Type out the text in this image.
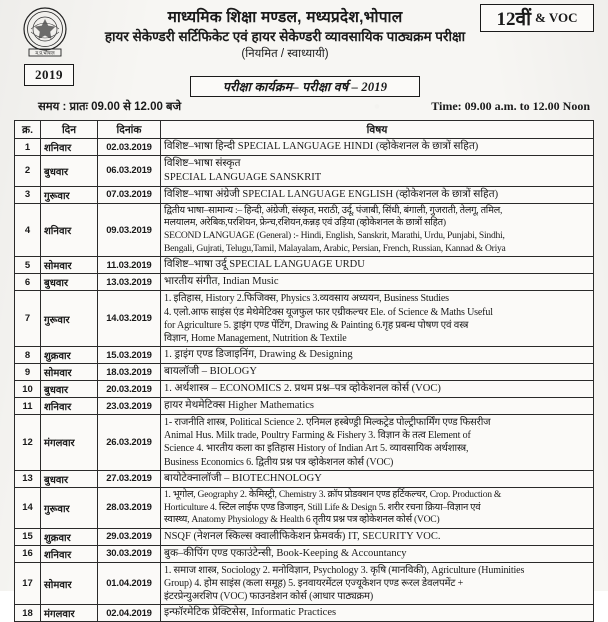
म.प्र.भोपाल
2019
12वीं & VOC
माध्यमिक शिक्षा मण्डल, मध्यप्रदेश,भोपाल
हायर सेकेण्डरी सर्टिफिकेट एवं हायर सेकेण्डरी व्यावसायिक पाठ्यक्रम परीक्षा
(नियमित / स्वाध्यायी)
परीक्षा कार्यक्रम– परीक्षा वर्ष – 2019
समय : प्रातः 09.00 से 12.00 बजे	Time: 09.00 a.m. to 12.00 Noon
क्र.	दिन	दिनांक	विषय
1	शनिवार	02.03.2019	विशिष्ट–भाषा हिन्दी SPECIAL LANGUAGE HINDI (व्होकेशनल के छात्रों सहित)

2	बुधवार	06.03.2019	विशिष्ट–भाषा संस्कृत
SPECIAL LANGUAGE SANSKRIT

3	गुरूवार	07.03.2019	विशिष्ट–भाषा अंग्रेजी SPECIAL LANGUAGE ENGLISH (व्होकेशनल के छात्रों सहित)

4	शनिवार	09.03.2019	द्वितीय भाषा–सामान्य :– हिन्दी, अंग्रेजी, संस्कृत, मराठी, उर्दू, पंजाबी, सिंधी, बंगाली, गुजराती, तेलगू, तमिल,
मलयालम, अरेबिक,परशियन, फ्रेन्च,रशियन,कन्नड़ एवं उड़िया (व्होकेशनल के छात्रों सहित)
SECOND LANGUAGE (General) :- Hindi, English, Sanskrit, Marathi, Urdu, Punjabi, Sindhi,
Bengali, Gujrati, Telugu,Tamil, Malayalam, Arabic, Persian, French, Russian, Kannad & Oriya

5	सोमवार	11.03.2019	विशिष्ट–भाषा उर्दू SPECIAL LANGUAGE URDU

6	बुधवार	13.03.2019	भारतीय संगीत, Indian Music

7	गुरूवार	14.03.2019	1. इतिहास, History 2.फिजिक्स, Physics 3.व्यवसाय अध्ययन, Business Studies
4. एलो.आफ साइंस एंड मेथेमेटिक्स यूजफुल फार एग्रीकल्चर Ele. of Science & Maths Useful
for Agriculture 5. ड्राइंग एण्ड पेंटिंग, Drawing & Painting 6.गृह प्रबन्ध पोषण एवं वस्त्र
विज्ञान, Home Management, Nutrition & Textile

8	शुक्रवार	15.03.2019	1. ड्राइंग एण्ड डिजाइनिंग, Drawing & Designing

9	सोमवार	18.03.2019	बायलॉजी – BIOLOGY

10	बुधवार	20.03.2019	1. अर्थशास्त्र – ECONOMICS 2. प्रथम प्रश्न–पत्र व्होकेशनल कोर्स (VOC)

11	शनिवार	23.03.2019	हायर मेथमेटिक्स Higher Mathematics

12	मंगलवार	26.03.2019	1- राजनीति शास्त्र, Political Science 2. एनिमल हस्बेण्ड्री मिल्कट्रेड पोल्ट्रीफार्मिंग एण्ड फिसरीज
Animal Hus. Milk trade, Poultry Farming & Fishery 3. विज्ञान के तत्व Element of
Science 4. भारतीय कला का इतिहास History of Indian Art 5. व्यावसायिक अर्थशास्त्र,
Business Economics 6. द्वितीय प्रश्न पत्र व्होकेशनल कोर्स (VOC)

13	बुधवार	27.03.2019	बायोटेक्नालॉजी – BIOTECHNOLOGY

14	गुरूवार	28.03.2019	1. भूगोल, Geography 2. केमिस्ट्री, Chemistry 3. क्रॉप प्रोडक्शन एण्ड हर्टिकल्चर, Crop. Production &
Horticulture 4. स्टिल लाईफ एण्ड डिजाइन, Still Life & Design 5. शरीर रचना क्रिया–विज्ञान एवं
स्वास्थ्य, Anatomy Physiology & Health 6 तृतीय प्रश्न पत्र व्होकेशनल कोर्स (VOC)

15	शुक्रवार	29.03.2019	NSQF (नेशनल स्किल्स क्वालीफिकेशन फ्रेमवर्क) IT, SECURITY VOC.

16	शनिवार	30.03.2019	बुक–कीपिंग एण्ड एकाउंटेन्सी, Book-Keeping & Accountancy

17	सोमवार	01.04.2019	1. समाज शास्त्र, Sociology 2. मनोविज्ञान, Psychology 3. कृषि (मानविकी), Agriculture (Huminities
Group) 4. होम साइंस (कला समूह) 5. इनवायरमेंटल एज्यूकेशन एण्ड रूरल डेवलपमेंट +
इंटरप्रेन्युअरशिप (VOC) फाउनडेशन कोर्स (आधार पाठ्यक्रम)

18	मंगलवार	02.04.2019	इन्फॉरमेटिक प्रेक्टिसेस, Informatic Practices
